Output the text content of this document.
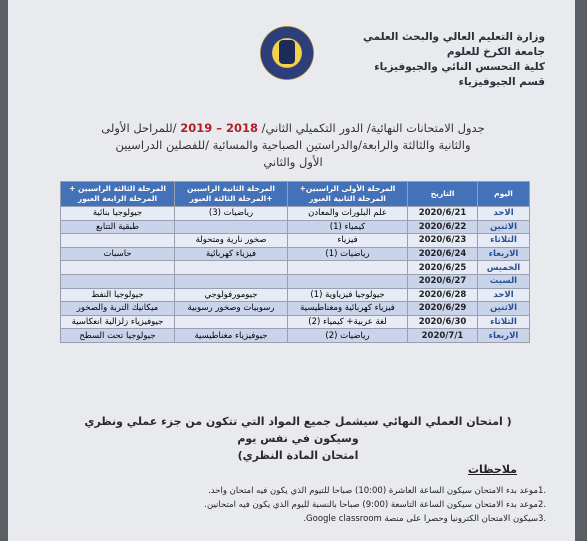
وزارة التعليم العالي والبحث العلمي
جامعة الكرخ للعلوم
كلية التحسس النائي والجيوفيزياء
قسم الجيوفيزياء
جدول الامتحانات النهائية/ الدور التكميلي الثاني/ 2018 – 2019 /للمراحل الأولى
والثانية والثالثة والرابعة/والدراستين الصباحية والمسائية /للفصلين الدراسيين
الأول والثاني
اليوم	التاريخ	المرحلة الأولى الراسبين+ المرحلة الثانية العبور	المرحلة الثانية الراسبين +المرحلة الثالثة العبور	المرحلة الثالثة الراسبين + المرحلة الرابعة العبور
الاحد	2020/6/21	علم البلورات والمعادن	رياضيات (3)	جيولوجيا بنائية
الاثنين	2020/6/22	كيمياء (1)		طبقية التتابع
الثلاثاء	2020/6/23	فيزياء	صخور نارية ومتحولة	
الاربعاء	2020/6/24	رياضيات (1)	فيزياء كهربائية	حاسبات
الخميس	2020/6/25			
السبت	2020/6/27			
الاحد	2020/6/28	جيولوجيا فيزياوية (1)	جيومورفولوجي	جيولوجيا النفط
الاثنين	2020/6/29	فيزياء كهربائية ومغناطيسية	رسوبيات وصخور رسوبية	ميكانيك التربة والصخور
الثلاثاء	2020/6/30	لغة عربية+ كيمياء (2)		جيوفيزياء زلزالية انعكاسية
الاربعاء	2020/7/1	رياضيات (2)	جيوفيزياء مغناطيسية	جيولوجيا تحت السطح
( امتحان العملي النهائي سيشمل جميع المواد التي تتكون من جزء عملي ونظري وسيكون في نفس يوم
امتحان المادة النظري)
ملاحظات
1.
موعد بدء الامتحان سيكون الساعة العاشرة (10:00) صباحا للتيوم الذي يكون فيه امتحان واحد.
2.
موعد بدء الامتحان سيكون الساعة التاسعة (9:00) صباحا بالنسبة لليوم الذي يكون فيه امتحانين.
3.
سيكون الامتحان الكترونيا وحصرا على منصة Google classroom.
